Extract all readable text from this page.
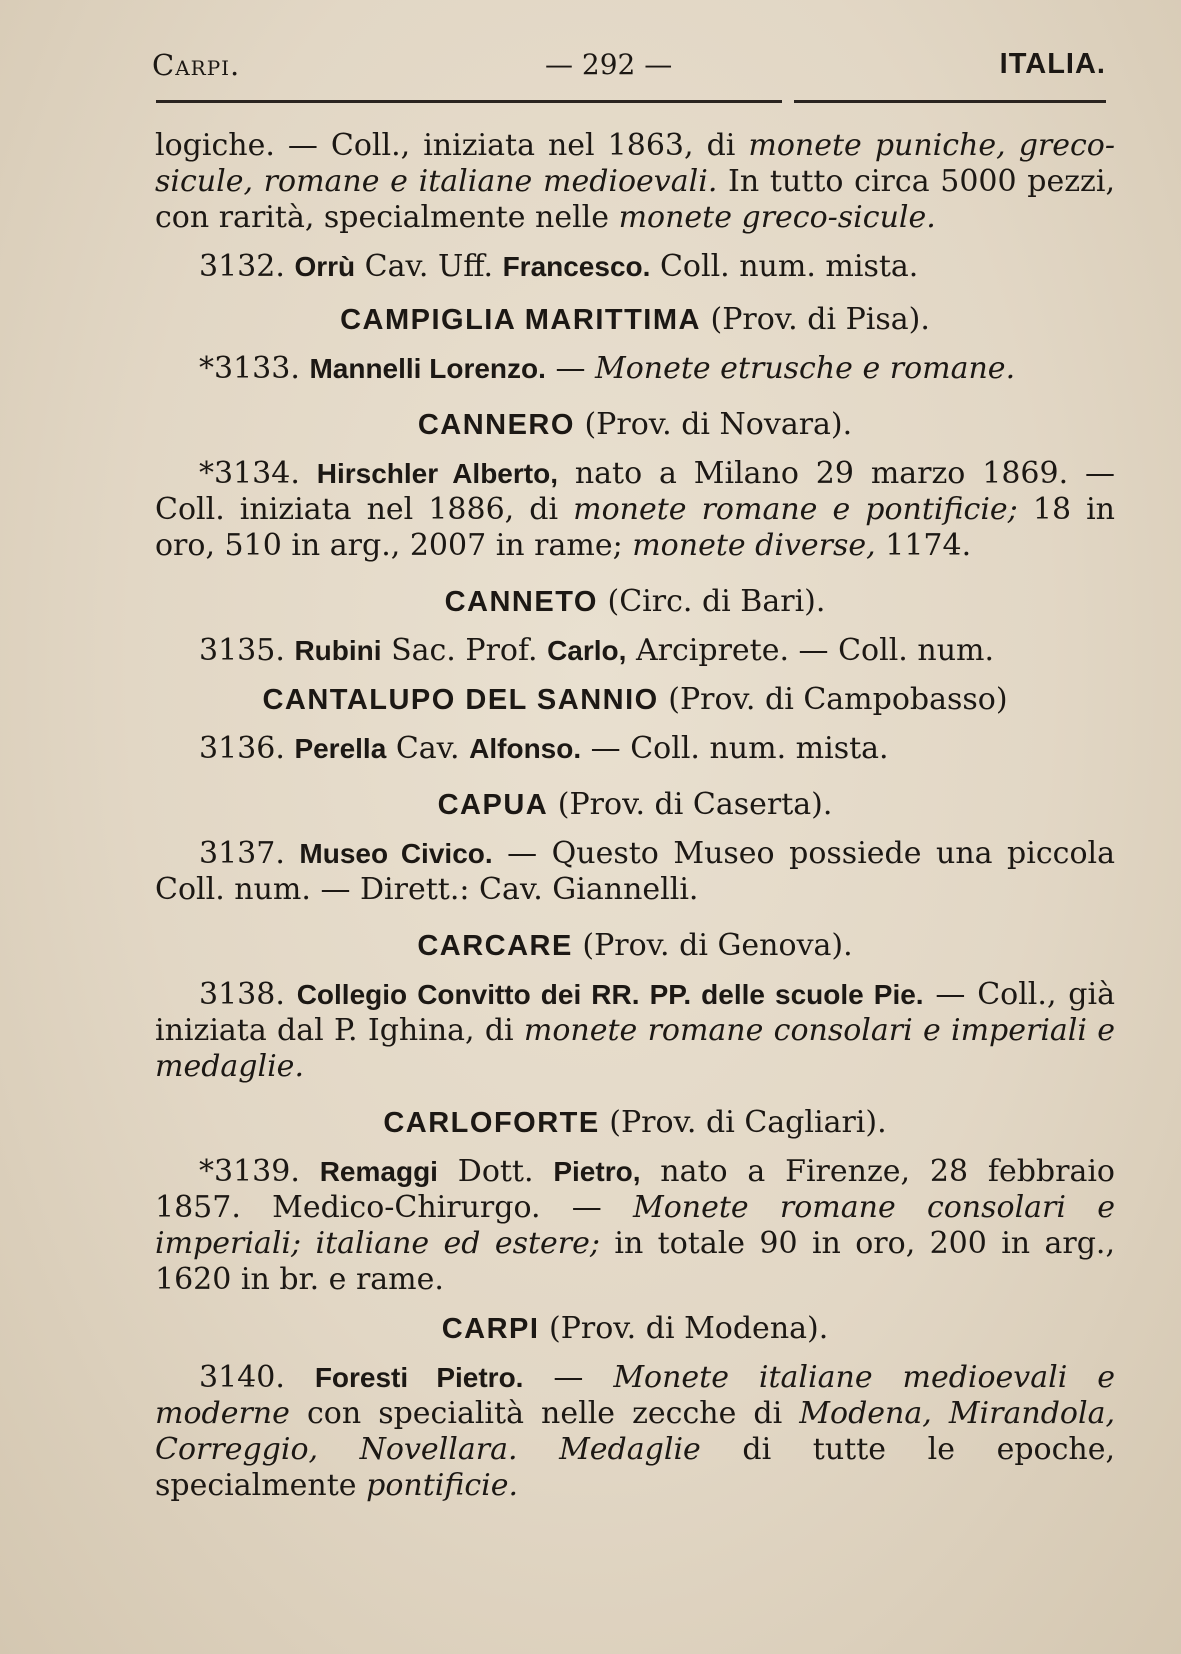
Carpi.	— 292 —	ITALIA.

logiche. — Coll., iniziata nel 1863, di monete puniche, greco-sicule, romane e italiane medioevali. In tutto circa 5000 pezzi, con rarità, specialmente nelle monete greco-sicule.

3132. Orrù Cav. Uff. Francesco. Coll. num. mista.

CAMPIGLIA MARITTIMA (Prov. di Pisa).

*3133. Mannelli Lorenzo. — Monete etrusche e romane.

CANNERO (Prov. di Novara).

*3134. Hirschler Alberto, nato a Milano 29 marzo 1869. — Coll. iniziata nel 1886, di monete romane e pontificie; 18 in oro, 510 in arg., 2007 in rame; monete diverse, 1174.

CANNETO (Circ. di Bari).

3135. Rubini Sac. Prof. Carlo, Arciprete. — Coll. num.

CANTALUPO DEL SANNIO (Prov. di Campobasso)

3136. Perella Cav. Alfonso. — Coll. num. mista.

CAPUA (Prov. di Caserta).

3137. Museo Civico. — Questo Museo possiede una piccola Coll. num. — Dirett.: Cav. Giannelli.

CARCARE (Prov. di Genova).

3138. Collegio Convitto dei RR. PP. delle scuole Pie. — Coll., già iniziata dal P. Ighina, di monete romane consolari e imperiali e medaglie.

CARLOFORTE (Prov. di Cagliari).

*3139. Remaggi Dott. Pietro, nato a Firenze, 28 febbraio 1857. Medico-Chirurgo. — Monete romane consolari e imperiali; italiane ed estere; in totale 90 in oro, 200 in arg., 1620 in br. e rame.

CARPI (Prov. di Modena).

3140. Foresti Pietro. — Monete italiane medioevali e moderne con specialità nelle zecche di Modena, Mirandola, Correggio, Novellara. Medaglie di tutte le epoche, specialmente pontificie.
